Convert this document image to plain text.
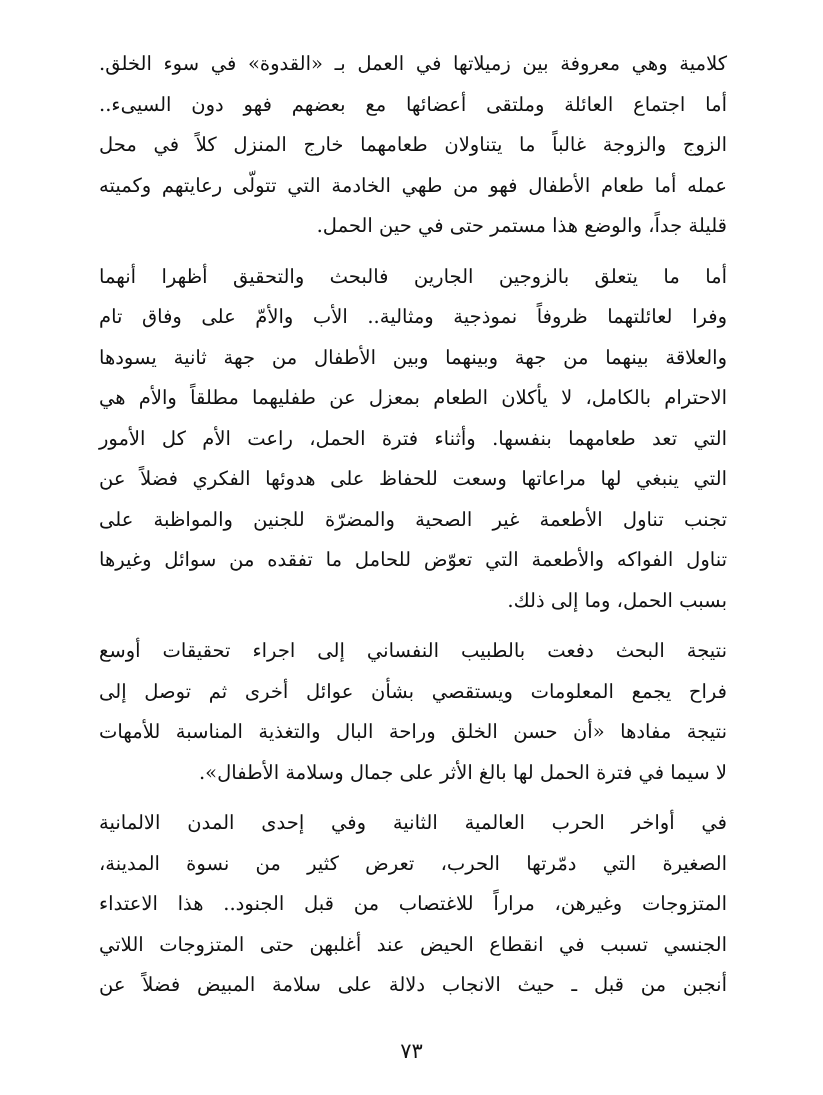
كلامية وهي معروفة بين زميلاتها في العمل بـ «القدوة» في سوء الخلق.
أما اجتماع العائلة وملتقى أعضائها مع بعضهم فهو دون السيىء..
الزوج والزوجة غالباً ما يتناولان طعامهما خارج المنزل كلاً في محل
عمله أما طعام الأطفال فهو من طهي الخادمة التي تتولّى رعايتهم وكميته
قليلة جداً، والوضع هذا مستمر حتى في حين الحمل.
أما ما يتعلق بالزوجين الجارين فالبحث والتحقيق أظهرا أنهما
وفرا لعائلتهما ظروفاً نموذجية ومثالية.. الأب والأمّ على وفاق تام
والعلاقة بينهما من جهة وبينهما وبين الأطفال من جهة ثانية يسودها
الاحترام بالكامل، لا يأكلان الطعام بمعزل عن طفليهما مطلقاً والأم هي
التي تعد طعامهما بنفسها. وأثناء فترة الحمل، راعت الأم كل الأمور
التي ينبغي لها مراعاتها وسعت للحفاظ على هدوئها الفكري فضلاً عن
تجنب تناول الأطعمة غير الصحية والمضرّة للجنين والمواظبة على
تناول الفواكه والأطعمة التي تعوّض للحامل ما تفقده من سوائل وغيرها
بسبب الحمل، وما إلى ذلك.
نتيجة البحث دفعت بالطبيب النفساني إلى اجراء تحقيقات أوسع
فراح يجمع المعلومات ويستقصي بشأن عوائل أخرى ثم توصل إلى
نتيجة مفادها «أن حسن الخلق وراحة البال والتغذية المناسبة للأمهات
لا سيما في فترة الحمل لها بالغ الأثر على جمال وسلامة الأطفال».
في أواخر الحرب العالمية الثانية وفي إحدى المدن الالمانية
الصغيرة التي دمّرتها الحرب، تعرض كثير من نسوة المدينة،
المتزوجات وغيرهن، مراراً للاغتصاب من قبل الجنود.. هذا الاعتداء
الجنسي تسبب في انقطاع الحيض عند أغلبهن حتى المتزوجات اللاتي
أنجبن من قبل ـ حيث الانجاب دلالة على سلامة المبيض فضلاً عن
٧٣
